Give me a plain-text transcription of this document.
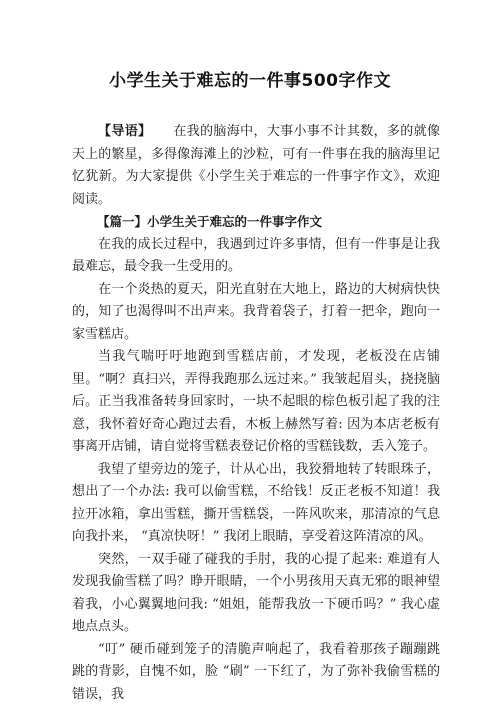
小学生关于难忘的一件事500字作文

【导语】 在我的脑海中，大事小事不计其数，多的就像天上的繁星，多得像海滩上的沙粒，可有一件事在我的脑海里记忆犹新。为大家提供《小学生关于难忘的一件事字作文》，欢迎阅读。

【篇一】小学生关于难忘的一件事字作文

在我的成长过程中，我遇到过许多事情，但有一件事是让我最难忘，最令我一生受用的。

在一个炎热的夏天，阳光直射在大地上，路边的大树病快快的，知了也渴得叫不出声来。我背着袋子，打着一把伞，跑向一家雪糕店。

当我气喘吁吁地跑到雪糕店前，才发现，老板没在店铺里。“啊？真扫兴，弄得我跑那么远过来。” 我皱起眉头，挠挠脑后。正当我准备转身回家时，一块不起眼的棕色板引起了我的注意，我怀着好奇心跑过去看，木板上赫然写着: 因为本店老板有事离开店铺，请自觉将雪糕表登记价格的雪糕钱数，丢入笼子。

我望了望旁边的笼子，计从心出，我狡猾地转了转眼珠子，想出了一个办法: 我可以偷雪糕，不给钱！反正老板不知道！我拉开冰箱，拿出雪糕，撕开雪糕袋，一阵风吹来，那清凉的气息向我扑来， “真凉快呀！” 我闭上眼睛，享受着这阵清凉的风。

突然，一双手碰了碰我的手肘，我的心提了起来: 难道有人发现我偷雪糕了吗？睁开眼睛，一个小男孩用天真无邪的眼神望着我，小心翼翼地问我: “姐姐，能帮我放一下硬币吗？” 我心虚地点点头。

“叮” 硬币碰到笼子的清脆声响起了，我看着那孩子蹦蹦跳跳的背影，自愧不如，脸 “刷” 一下红了，为了弥补我偷雪糕的错误，我
